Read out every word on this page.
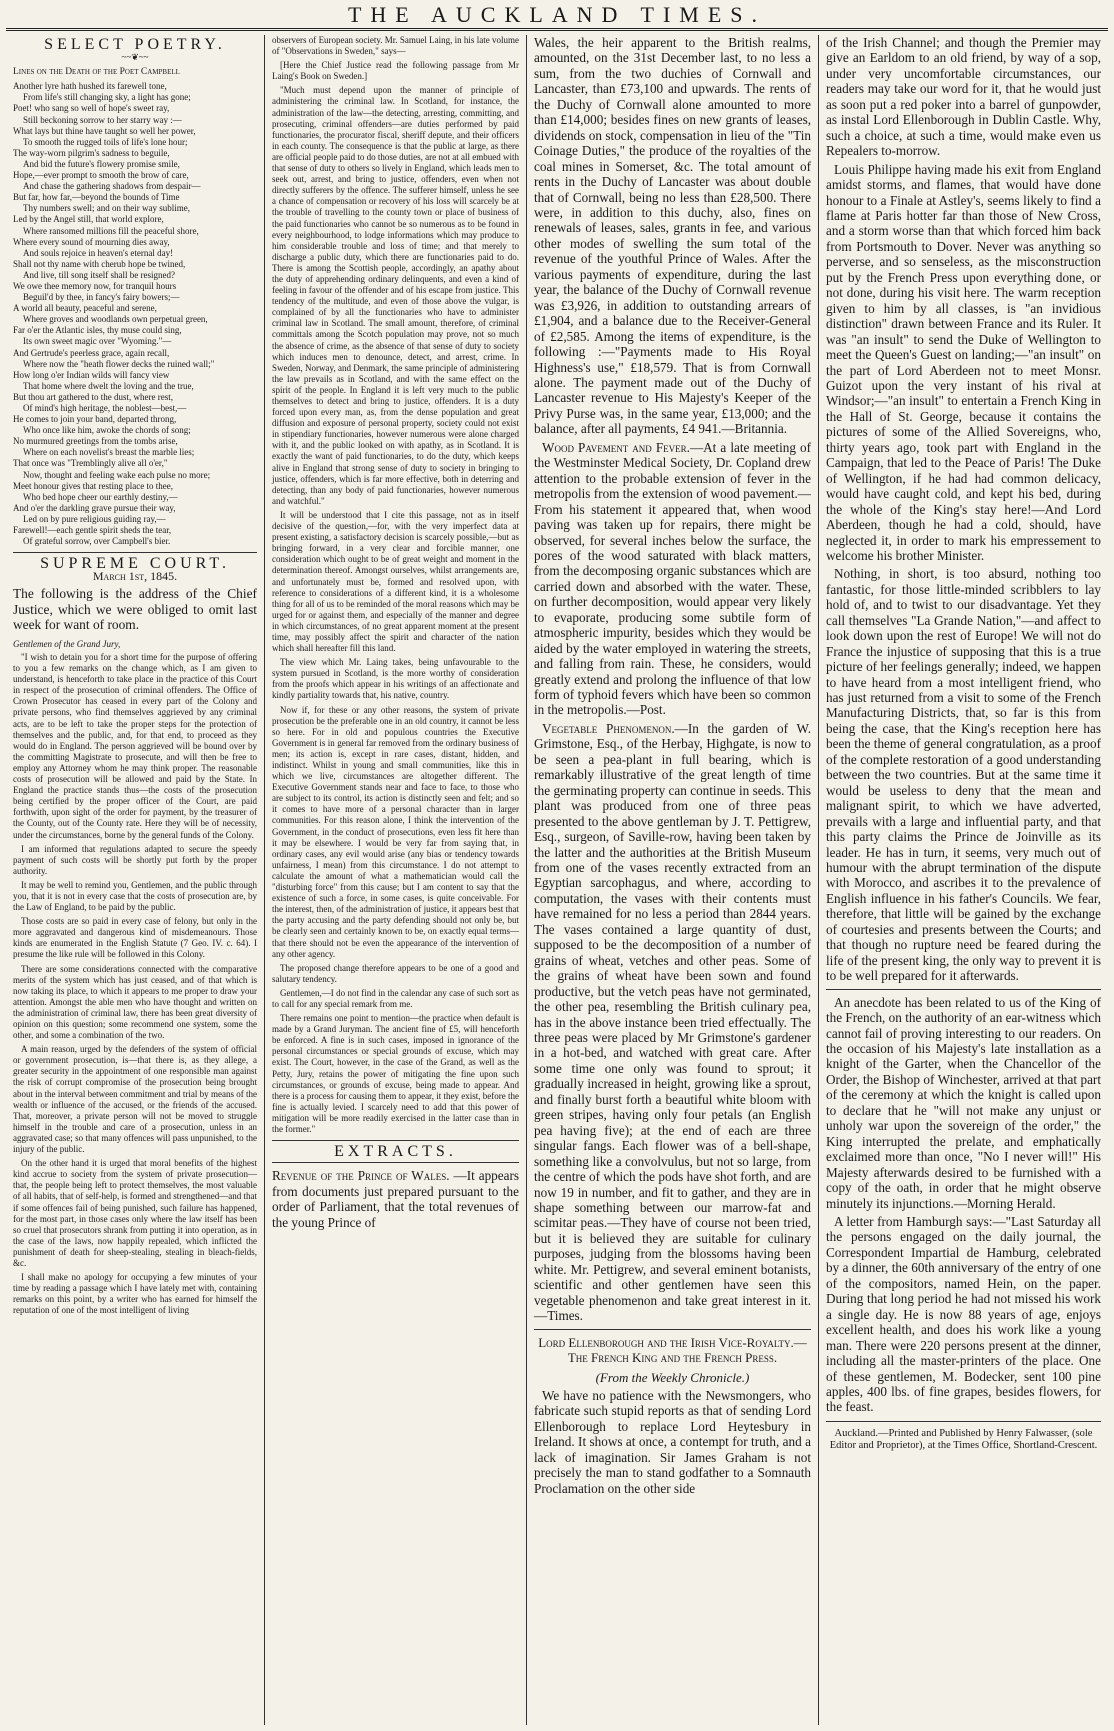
THE AUCKLAND TIMES.
SELECT POETRY.
~~❦~~
Lines on the Death of the Poet Campbell
Another lyre hath hushed its farewell tone,
From life's still changing sky, a light has gone;
Poet! who sang so well of hope's sweet ray,
Still beckoning sorrow to her starry way :—
What lays but thine have taught so well her power,
To smooth the rugged toils of life's lone hour;
The way-worn pilgrim's sadness to beguile,
And bid the future's flowery promise smile,
Hope,—ever prompt to smooth the brow of care,
And chase the gathering shadows from despair—
But far, how far,—beyond the bounds of Time
Thy numbers swell; and on their way sublime,
Led by the Angel still, that world explore,
Where ransomed millions fill the peaceful shore,
Where every sound of mourning dies away,
And souls rejoice in heaven's eternal day!
Shall not thy name with cherub hope be twined,
And live, till song itself shall be resigned?
We owe thee memory now, for tranquil hours
Beguil'd by thee, in fancy's fairy bowers;—
A world all beauty, peaceful and serene,
Where groves and woodlands own perpetual green,
Far o'er the Atlantic isles, thy muse could sing,
Its own sweet magic over "Wyoming."—
And Gertrude's peerless grace, again recall,
Where now the "heath flower decks the ruined wall;"
How long o'er Indian wilds will fancy view
That home where dwelt the loving and the true,
But thou art gathered to the dust, where rest,
Of mind's high heritage, the noblest—best,—
He comes to join your band, departed throng,
Who once like him, awoke the chords of song;
No murmured greetings from the tombs arise,
Where on each novelist's breast the marble lies;
That once was "Tremblingly alive all o'er,"
Now, thought and feeling wake each pulse no more;
Meet honour gives that resting place to thee,
Who bed hope cheer our earthly destiny,—
And o'er the darkling grave pursue their way,
Led on by pure religious guiding ray,—
Farewell!—each gentle spirit sheds the tear,
Of grateful sorrow, over Campbell's bier.
SUPREME COURT.
March 1st, 1845.
The following is the address of the Chief Justice, which we were obliged to omit last week for want of room.
Gentlemen of the Grand Jury,

"I wish to detain you for a short time for the purpose of offering to you a few remarks on the change which, as I am given to understand, is henceforth to take place in the practice of this Court in respect of the prosecution of criminal offenders. The Office of Crown Prosecutor has ceased in every part of the Colony and private persons, who find themselves aggrieved by any criminal acts, are to be left to take the proper steps for the protection of themselves and the public, and, for that end, to proceed as they would do in England. The person aggrieved will be bound over by the committing Magistrate to prosecute, and will then be free to employ any Attorney whom he may think proper. The reasonable costs of prosecution will be allowed and paid by the State. In England the practice stands thus—the costs of the prosecution being certified by the proper officer of the Court, are paid forthwith, upon sight of the order for payment, by the treasurer of the County, out of the County rate. Here they will be of necessity, under the circumstances, borne by the general funds of the Colony.

I am informed that regulations adapted to secure the speedy payment of such costs will be shortly put forth by the proper authority.

It may be well to remind you, Gentlemen, and the public through you, that it is not in every case that the costs of prosecution are, by the Law of England, to be paid by the public.

Those costs are so paid in every case of felony, but only in the more aggravated and dangerous kind of misdemeanours. Those kinds are enumerated in the English Statute (7 Geo. IV. c. 64). I presume the like rule will be followed in this Colony.

There are some considerations connected with the comparative merits of the system which has just ceased, and of that which is now taking its place, to which it appears to me proper to draw your attention. Amongst the able men who have thought and written on the administration of criminal law, there has been great diversity of opinion on this question; some recommend one system, some the other, and some a combination of the two.

A main reason, urged by the defenders of the system of official or government prosecution, is—that there is, as they allege, a greater security in the appointment of one responsible man against the risk of corrupt compromise of the prosecution being brought about in the interval between commitment and trial by means of the wealth or influence of the accused, or the friends of the accused. That, moreover, a private person will not be moved to struggle himself in the trouble and care of a prosecution, unless in an aggravated case; so that many offences will pass unpunished, to the injury of the public.

On the other hand it is urged that moral benefits of the highest kind accrue to society from the system of private prosecution—that, the people being left to protect themselves, the most valuable of all habits, that of self-help, is formed and strengthened—and that if some offences fail of being punished, such failure has happened, for the most part, in those cases only where the law itself has been so cruel that prosecutors shrank from putting it into operation, as in the case of the laws, now happily repealed, which inflicted the punishment of death for sheep-stealing, stealing in bleach-fields, &c.

I shall make no apology for occupying a few minutes of your time by reading a passage which I have lately met with, containing remarks on this point, by a writer who has earned for himself the reputation of one of the most intelligent of living

observers of European society. Mr. Samuel Laing, in his late volume of "Observations in Sweden," says—

[Here the Chief Justice read the following passage from Mr Laing's Book on Sweden.]

"Much must depend upon the manner of principle of administering the criminal law. In Scotland, for instance, the administration of the law—the detecting, arresting, committing, and prosecuting, criminal offenders—are duties performed by paid functionaries, the procurator fiscal, sheriff depute, and their officers in each county. The consequence is that the public at large, as there are official people paid to do those duties, are not at all embued with that sense of duty to others so lively in England, which leads men to seek out, arrest, and bring to justice, offenders, even when not directly sufferers by the offence. The sufferer himself, unless he see a chance of compensation or recovery of his loss will scarcely be at the trouble of travelling to the county town or place of business of the paid functionaries who cannot be so numerous as to be found in every neighbourhood, to lodge informations which may produce to him considerable trouble and loss of time; and that merely to discharge a public duty, which there are functionaries paid to do. There is among the Scottish people, accordingly, an apathy about the duty of apprehending ordinary delinquents, and even a kind of feeling in favour of the offender and of his escape from justice. This tendency of the multitude, and even of those above the vulgar, is complained of by all the functionaries who have to administer criminal law in Scotland. The small amount, therefore, of criminal committals among the Scotch population may prove, not so much the absence of crime, as the absence of that sense of duty to society which induces men to denounce, detect, and arrest, crime. In Sweden, Norway, and Denmark, the same principle of administering the law prevails as in Scotland, and with the same effect on the spirit of the people. In England it is left very much to the public themselves to detect and bring to justice, offenders. It is a duty forced upon every man, as, from the dense population and great diffusion and exposure of personal property, society could not exist in stipendiary functionaries, however numerous were alone charged with it, and the public looked on with apathy, as in Scotland. It is exactly the want of paid functionaries, to do the duty, which keeps alive in England that strong sense of duty to society in bringing to justice, offenders, which is far more effective, both in deterring and detecting, than any body of paid functionaries, however numerous and watchful."

It will be understood that I cite this passage, not as in itself decisive of the question,—for, with the very imperfect data at present existing, a satisfactory decision is scarcely possible,—but as bringing forward, in a very clear and forcible manner, one consideration which ought to be of great weight and moment in the determination thereof. Amongst ourselves, whilst arrangements are, and unfortunately must be, formed and resolved upon, with reference to considerations of a different kind, it is a wholesome thing for all of us to be reminded of the moral reasons which may be urged for or against them, and especially of the manner and degree in which circumstances, of no great apparent moment at the present time, may possibly affect the spirit and character of the nation which shall hereafter fill this land.

The view which Mr. Laing takes, being unfavourable to the system pursued in Scotland, is the more worthy of consideration from the proofs which appear in his writings of an affectionate and kindly partiality towards that, his native, country.

Now if, for these or any other reasons, the system of private prosecution be the preferable one in an old country, it cannot be less so here. For in old and populous countries the Executive Government is in general far removed from the ordinary business of men; its action is, except in rare cases, distant, hidden, and indistinct. Whilst in young and small communities, like this in which we live, circumstances are altogether different. The Executive Government stands near and face to face, to those who are subject to its control, its action is distinctly seen and felt; and so it comes to have more of a personal character than in larger communities. For this reason alone, I think the intervention of the Government, in the conduct of prosecutions, even less fit here than it may be elsewhere. I would be very far from saying that, in ordinary cases, any evil would arise (any bias or tendency towards unfairness, I mean) from this circumstance. I do not attempt to calculate the amount of what a mathematician would call the "disturbing force" from this cause; but I am content to say that the existence of such a force, in some cases, is quite conceivable. For the interest, then, of the administration of justice, it appears best that the party accusing and the party defending should not only be, but be clearly seen and certainly known to be, on exactly equal terms—that there should not be even the appearance of the intervention of any other agency.

The proposed change therefore appears to be one of a good and salutary tendency.

Gentlemen,—I do not find in the calendar any case of such sort as to call for any special remark from me.

There remains one point to mention—the practice when default is made by a Grand Juryman. The ancient fine of £5, will henceforth be enforced. A fine is in such cases, imposed in ignorance of the personal circumstances or special grounds of excuse, which may exist. The Court, however, in the case of the Grand, as well as the Petty, Jury, retains the power of mitigating the fine upon such circumstances, or grounds of excuse, being made to appear. And there is a process for causing them to appear, it they exist, before the fine is actually levied. I scarcely need to add that this power of mitigation will be more readily exercised in the latter case than in the former."

EXTRACTS.
Revenue of the Prince of Wales. —It appears from documents just prepared pursuant to the order of Parliament, that the total revenues of the young Prince of

Wales, the heir apparent to the British realms, amounted, on the 31st December last, to no less a sum, from the two duchies of Cornwall and Lancaster, than £73,100 and upwards. The rents of the Duchy of Cornwall alone amounted to more than £14,000; besides fines on new grants of leases, dividends on stock, compensation in lieu of the "Tin Coinage Duties," the produce of the royalties of the coal mines in Somerset, &c. The total amount of rents in the Duchy of Lancaster was about double that of Cornwall, being no less than £28,500. There were, in addition to this duchy, also, fines on renewals of leases, sales, grants in fee, and various other modes of swelling the sum total of the revenue of the youthful Prince of Wales. After the various payments of expenditure, during the last year, the balance of the Duchy of Cornwall revenue was £3,926, in addition to outstanding arrears of £1,904, and a balance due to the Receiver-General of £2,585. Among the items of expenditure, is the following :—"Payments made to His Royal Highness's use," £18,579. That is from Cornwall alone. The payment made out of the Duchy of Lancaster revenue to His Majesty's Keeper of the Privy Purse was, in the same year, £13,000; and the balance, after all payments, £4 941.—Britannia.

Wood Pavement and Fever.—At a late meeting of the Westminster Medical Society, Dr. Copland drew attention to the probable extension of fever in the metropolis from the extension of wood pavement.—From his statement it appeared that, when wood paving was taken up for repairs, there might be observed, for several inches below the surface, the pores of the wood saturated with black matters, from the decomposing organic substances which are carried down and absorbed with the water. These, on further decomposition, would appear very likely to evaporate, producing some subtile form of atmospheric impurity, besides which they would be aided by the water employed in watering the streets, and falling from rain. These, he considers, would greatly extend and prolong the influence of that low form of typhoid fevers which have been so common in the metropolis.—Post.

Vegetable Phenomenon.—In the garden of W. Grimstone, Esq., of the Herbay, Highgate, is now to be seen a pea-plant in full bearing, which is remarkably illustrative of the great length of time the germinating property can continue in seeds. This plant was produced from one of three peas presented to the above gentleman by J. T. Pettigrew, Esq., surgeon, of Saville-row, having been taken by the latter and the authorities at the British Museum from one of the vases recently extracted from an Egyptian sarcophagus, and where, according to computation, the vases with their contents must have remained for no less a period than 2844 years. The vases contained a large quantity of dust, supposed to be the decomposition of a number of grains of wheat, vetches and other peas. Some of the grains of wheat have been sown and found productive, but the vetch peas have not germinated, the other pea, resembling the British culinary pea, has in the above instance been tried effectually. The three peas were placed by Mr Grimstone's gardener in a hot-bed, and watched with great care. After some time one only was found to sprout; it gradually increased in height, growing like a sprout, and finally burst forth a beautiful white bloom with green stripes, having only four petals (an English pea having five); at the end of each are three singular fangs. Each flower was of a bell-shape, something like a convolvulus, but not so large, from the centre of which the pods have shot forth, and are now 19 in number, and fit to gather, and they are in shape something between our marrow-fat and scimitar peas.—They have of course not been tried, but it is believed they are suitable for culinary purposes, judging from the blossoms having been white. Mr. Pettigrew, and several eminent botanists, scientific and other gentlemen have seen this vegetable phenomenon and take great interest in it.—Times.

Lord Ellenborough and the Irish Vice-Royalty.—The French King and the French Press.
(From the Weekly Chronicle.)

We have no patience with the Newsmongers, who fabricate such stupid reports as that of sending Lord Ellenborough to replace Lord Heytesbury in Ireland. It shows at once, a contempt for truth, and a lack of imagination. Sir James Graham is not precisely the man to stand godfather to a Somnauth Proclamation on the other side

of the Irish Channel; and though the Premier may give an Earldom to an old friend, by way of a sop, under very uncomfortable circumstances, our readers may take our word for it, that he would just as soon put a red poker into a barrel of gunpowder, as instal Lord Ellenborough in Dublin Castle. Why, such a choice, at such a time, would make even us Repealers to-morrow.

Louis Philippe having made his exit from England amidst storms, and flames, that would have done honour to a Finale at Astley's, seems likely to find a flame at Paris hotter far than those of New Cross, and a storm worse than that which forced him back from Portsmouth to Dover. Never was anything so perverse, and so senseless, as the misconstruction put by the French Press upon everything done, or not done, during his visit here. The warm reception given to him by all classes, is "an invidious distinction" drawn between France and its Ruler. It was "an insult" to send the Duke of Wellington to meet the Queen's Guest on landing;—"an insult" on the part of Lord Aberdeen not to meet Monsr. Guizot upon the very instant of his rival at Windsor;—"an insult" to entertain a French King in the Hall of St. George, because it contains the pictures of some of the Allied Sovereigns, who, thirty years ago, took part with England in the Campaign, that led to the Peace of Paris! The Duke of Wellington, if he had had common delicacy, would have caught cold, and kept his bed, during the whole of the King's stay here!—And Lord Aberdeen, though he had a cold, should, have neglected it, in order to mark his empressement to welcome his brother Minister.

Nothing, in short, is too absurd, nothing too fantastic, for those little-minded scribblers to lay hold of, and to twist to our disadvantage. Yet they call themselves "La Grande Nation,"—and affect to look down upon the rest of Europe! We will not do France the injustice of supposing that this is a true picture of her feelings generally; indeed, we happen to have heard from a most intelligent friend, who has just returned from a visit to some of the French Manufacturing Districts, that, so far is this from being the case, that the King's reception here has been the theme of general congratulation, as a proof of the complete restoration of a good understanding between the two countries. But at the same time it would be useless to deny that the mean and malignant spirit, to which we have adverted, prevails with a large and influential party, and that this party claims the Prince de Joinville as its leader. He has in turn, it seems, very much out of humour with the abrupt termination of the dispute with Morocco, and ascribes it to the prevalence of English influence in his father's Councils. We fear, therefore, that little will be gained by the exchange of courtesies and presents between the Courts; and that though no rupture need be feared during the life of the present king, the only way to prevent it is to be well prepared for it afterwards.

An anecdote has been related to us of the King of the French, on the authority of an ear-witness which cannot fail of proving interesting to our readers. On the occasion of his Majesty's late installation as a knight of the Garter, when the Chancellor of the Order, the Bishop of Winchester, arrived at that part of the ceremony at which the knight is called upon to declare that he "will not make any unjust or unholy war upon the sovereign of the order," the King interrupted the prelate, and emphatically exclaimed more than once, "No I never will!" His Majesty afterwards desired to be furnished with a copy of the oath, in order that he might observe minutely its injunctions.—Morning Herald.

A letter from Hamburgh says:—"Last Saturday all the persons engaged on the daily journal, the Correspondent Impartial de Hamburg, celebrated by a dinner, the 60th anniversary of the entry of one of the compositors, named Hein, on the paper. During that long period he had not missed his work a single day. He is now 88 years of age, enjoys excellent health, and does his work like a young man. There were 220 persons present at the dinner, including all the master-printers of the place. One of these gentlemen, M. Bodecker, sent 100 pine apples, 400 lbs. of fine grapes, besides flowers, for the feast.

Auckland.—Printed and Published by Henry Falwasser, (sole Editor and Proprietor), at the Times Office, Shortland-Crescent.
